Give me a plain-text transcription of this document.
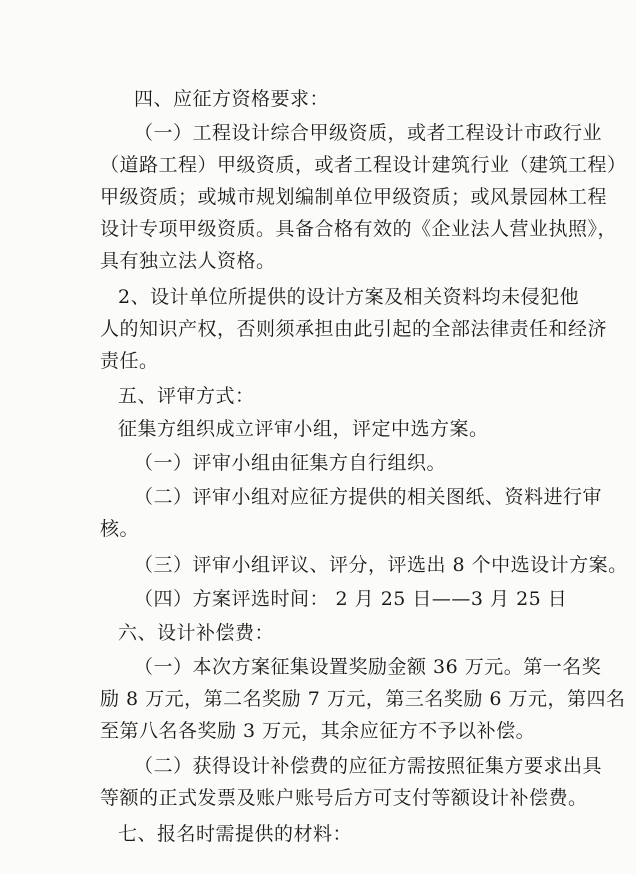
四、应征方资格要求：
（一）工程设计综合甲级资质，或者工程设计市政行业
（道路工程）甲级资质，或者工程设计建筑行业（建筑工程）
甲级资质；或城市规划编制单位甲级资质；或风景园林工程
设计专项甲级资质。具备合格有效的《企业法人营业执照》，
具有独立法人资格。
2、设计单位所提供的设计方案及相关资料均未侵犯他
人的知识产权，否则须承担由此引起的全部法律责任和经济
责任。
五、评审方式：
征集方组织成立评审小组，评定中选方案。
（一）评审小组由征集方自行组织。
（二）评审小组对应征方提供的相关图纸、资料进行审
核。
（三）评审小组评议、评分，评选出 8 个中选设计方案。
（四）方案评选时间： 2 月 25 日——3 月 25 日
六、设计补偿费：
（一）本次方案征集设置奖励金额 36 万元。第一名奖
励 8 万元，第二名奖励 7 万元，第三名奖励 6 万元，第四名
至第八名各奖励 3 万元，其余应征方不予以补偿。
（二）获得设计补偿费的应征方需按照征集方要求出具
等额的正式发票及账户账号后方可支付等额设计补偿费。
七、报名时需提供的材料：
